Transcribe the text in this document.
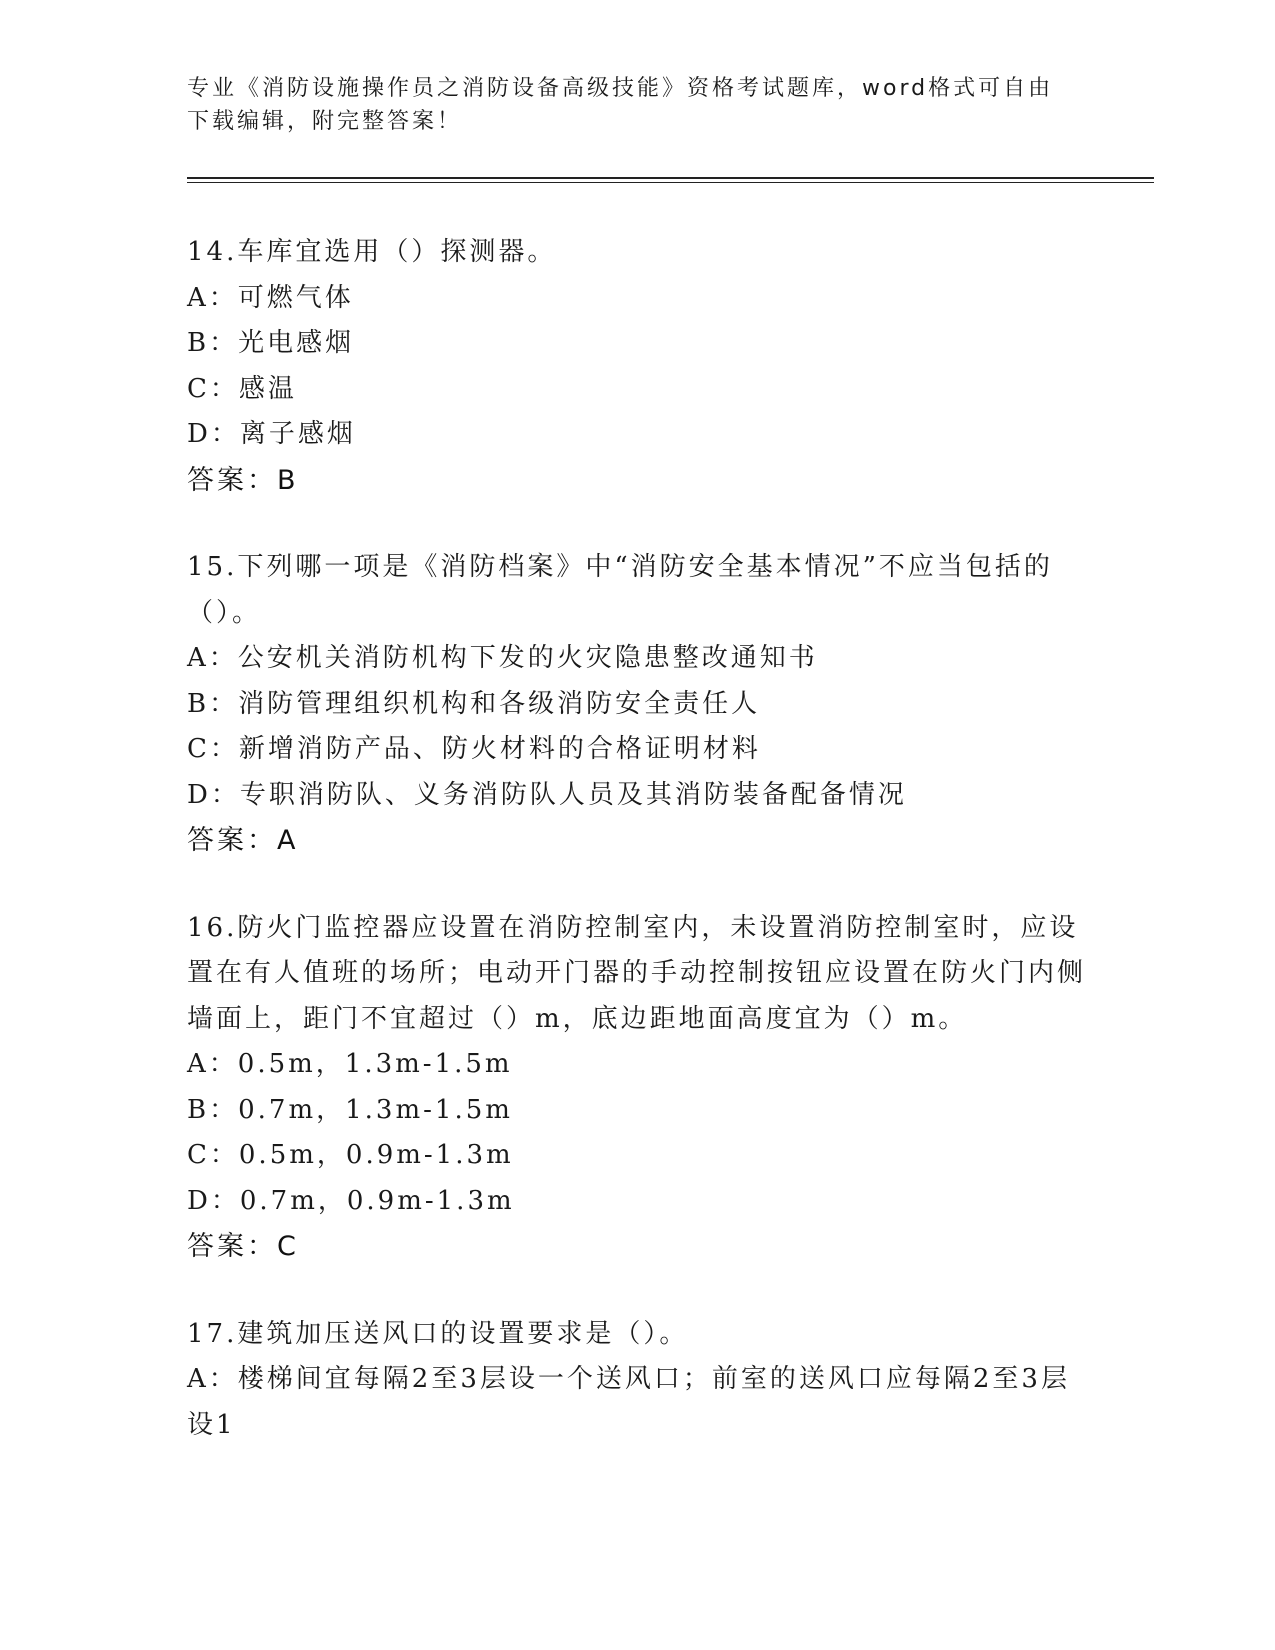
专业《消防设施操作员之消防设备高级技能》资格考试题库，word格式可自由下载编辑，附完整答案！

14.车库宜选用（）探测器。

A：可燃气体

B：光电感烟

C：感温

D：离子感烟

答案：B

15.下列哪一项是《消防档案》中“消防安全基本情况”不应当包括的（）。

A：公安机关消防机构下发的火灾隐患整改通知书

B：消防管理组织机构和各级消防安全责任人

C：新增消防产品、防火材料的合格证明材料

D：专职消防队、义务消防队人员及其消防装备配备情况

答案：A

16.防火门监控器应设置在消防控制室内，未设置消防控制室时，应设置在有人值班的场所；电动开门器的手动控制按钮应设置在防火门内侧墙面上，距门不宜超过（）m，底边距地面高度宜为（）m。

A：0.5m，1.3m-1.5m

B：0.7m，1.3m-1.5m

C：0.5m，0.9m-1.3m

D：0.7m，0.9m-1.3m

答案：C

17.建筑加压送风口的设置要求是（）。

A：楼梯间宜每隔2至3层设一个送风口；前室的送风口应每隔2至3层设1
